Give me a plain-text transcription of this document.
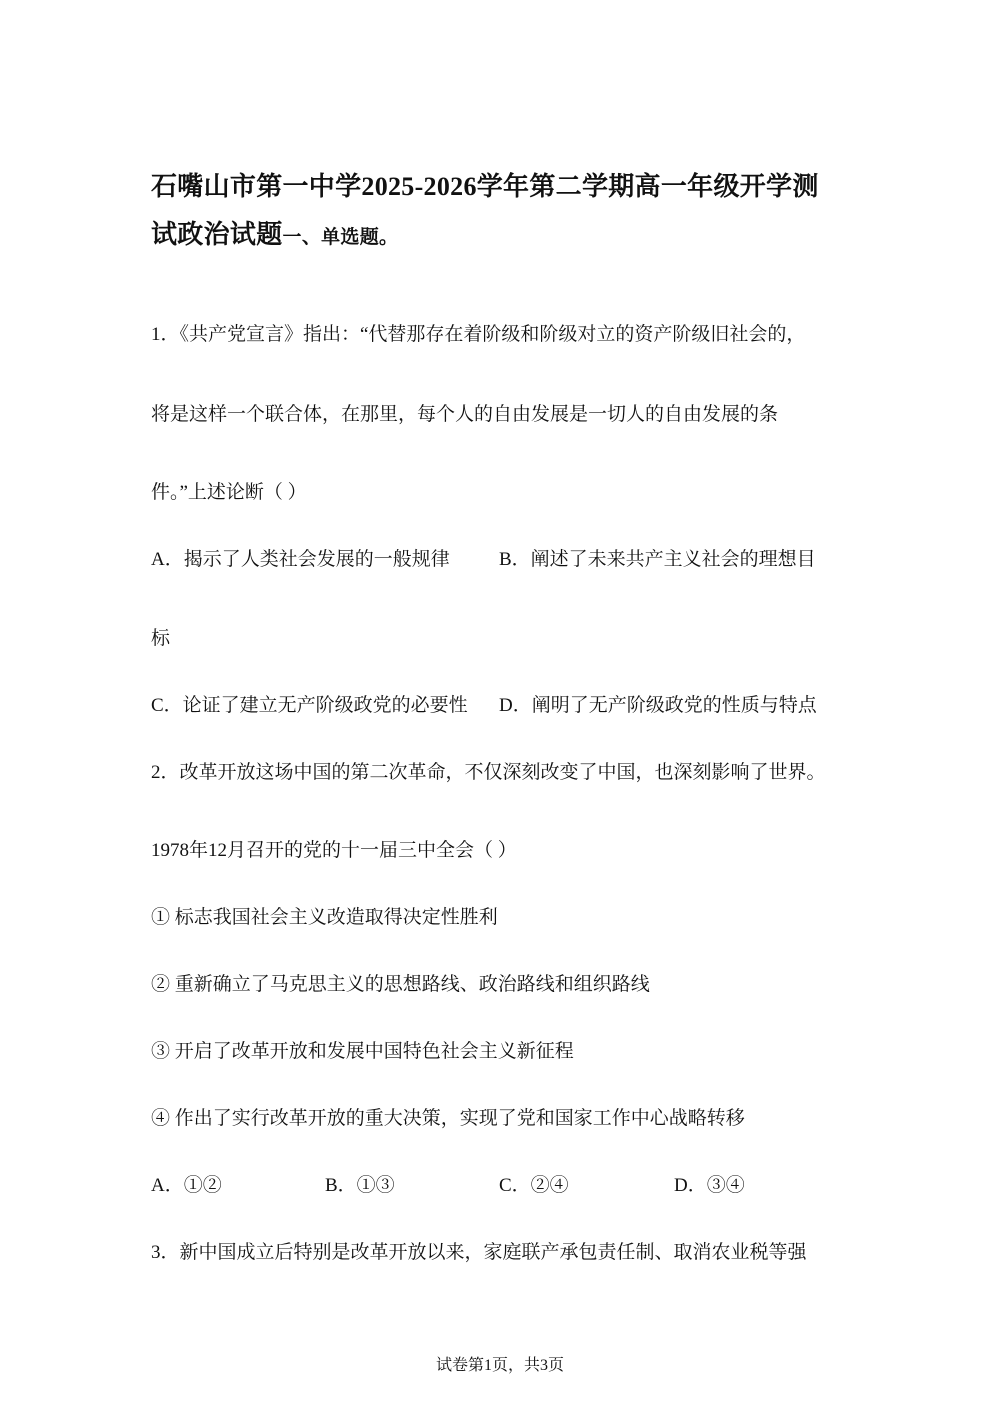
石嘴山市第一中学2025-2026学年第二学期高一年级开学测
试政治试题一、单选题。
1．《共产党宣言》指出：“代替那存在着阶级和阶级对立的资产阶级旧社会的，
将是这样一个联合体，在那里，每个人的自由发展是一切人的自由发展的条
件。”上述论断（ ）
A．揭示了人类社会发展的一般规律	B．阐述了未来共产主义社会的理想目
标
C．论证了建立无产阶级政党的必要性 D．阐明了无产阶级政党的性质与特点
2．改革开放这场中国的第二次革命，不仅深刻改变了中国，也深刻影响了世界。
1978年12月召开的党的十一届三中全会（ ）
① 标志我国社会主义改造取得决定性胜利
② 重新确立了马克思主义的思想路线、政治路线和组织路线
③ 开启了改革开放和发展中国特色社会主义新征程
④ 作出了实行改革开放的重大决策，实现了党和国家工作中心战略转移
A．①②	B．①③	C．②④	D．③④
3．新中国成立后特别是改革开放以来，家庭联产承包责任制、取消农业税等强
试卷第1页，共3页
